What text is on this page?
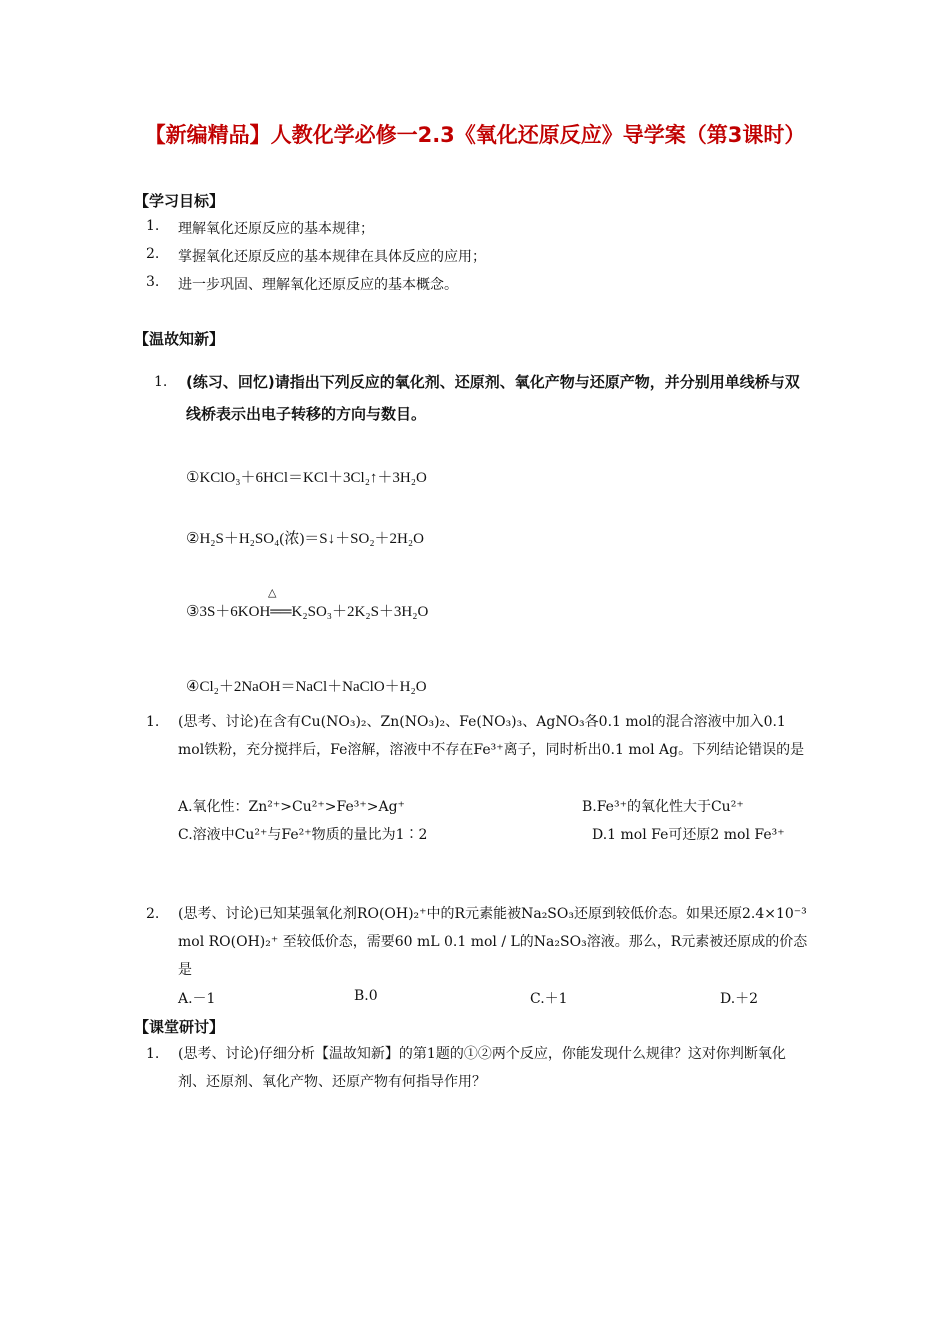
【新编精品】人教化学必修一2.3《氧化还原反应》导学案（第3课时）
【学习目标】
1. 理解氧化还原反应的基本规律；
2. 掌握氧化还原反应的基本规律在具体反应的应用；
3. 进一步巩固、理解氧化还原反应的基本概念。
【温故知新】
1. (练习、回忆)请指出下列反应的氧化剂、还原剂、氧化产物与还原产物，并分别用单线桥与双线桥表示出电子转移的方向与数目。
①KClO₃＋6HCl＝KCl＋3Cl₂↑＋3H₂O
②H₂S＋H₂SO₄(浓)＝S↓＋SO₂＋2H₂O
③3S＋6KOH══K₂SO₃＋2K₂S＋3H₂O
△
④Cl₂＋2NaOH＝NaCl＋NaClO＋H₂O
1. (思考、讨论)在含有Cu(NO₃)₂、Zn(NO₃)₂、Fe(NO₃)₃、AgNO₃各0.1 mol的混合溶液中加入0.1 mol铁粉，充分搅拌后，Fe溶解，溶液中不存在Fe³⁺离子，同时析出0.1 mol Ag。下列结论错误的是
A.氧化性：Zn²⁺>Cu²⁺>Fe³⁺>Ag⁺	B.Fe³⁺的氧化性大于Cu²⁺
C.溶液中Cu²⁺与Fe²⁺物质的量比为1∶2	D.1 mol Fe可还原2 mol Fe³⁺
2. (思考、讨论)已知某强氧化剂RO(OH)₂⁺中的R元素能被Na₂SO₃还原到较低价态。如果还原2.4×10⁻³ mol RO(OH)₂⁺ 至较低价态，需要60 mL 0.1 mol / L的Na₂SO₃溶液。那么，R元素被还原成的价态是
A.－1	B.0	C.＋1	D.＋2
【课堂研讨】
1. (思考、讨论)仔细分析【温故知新】的第1题的①②两个反应，你能发现什么规律？这对你判断氧化剂、还原剂、氧化产物、还原产物有何指导作用？
